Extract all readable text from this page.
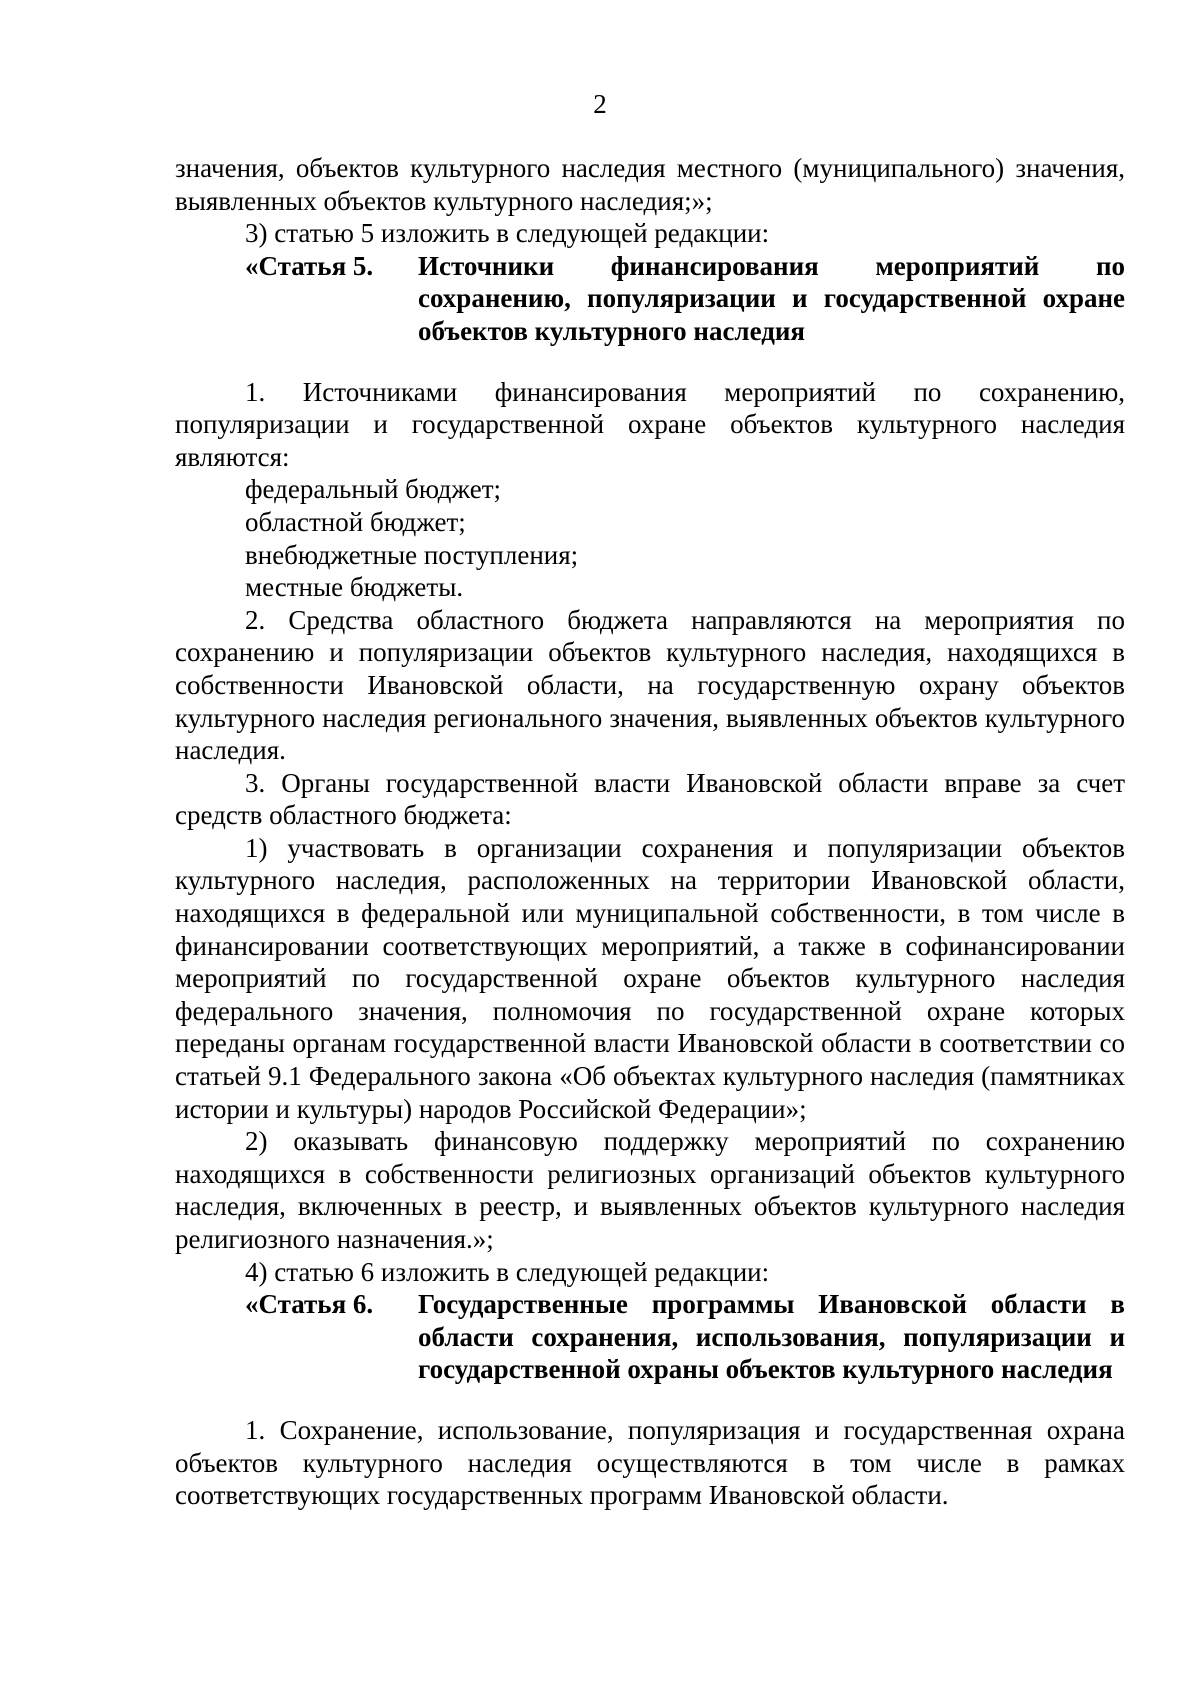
2

значения, объектов культурного наследия местного (муниципального) значения, выявленных объектов культурного наследия;»;

3) статью 5 изложить в следующей редакции:

«Статья 5.	Источники финансирования мероприятий по сохранению, популяризации и государственной охране объектов культурного наследия

1. Источниками финансирования мероприятий по сохранению, популяризации и государственной охране объектов культурного наследия являются:

федеральный бюджет;

областной бюджет;

внебюджетные поступления;

местные бюджеты.

2. Средства областного бюджета направляются на мероприятия по сохранению и популяризации объектов культурного наследия, находящихся в собственности Ивановской области, на государственную охрану объектов культурного наследия регионального значения, выявленных объектов культурного наследия.

3. Органы государственной власти Ивановской области вправе за счет средств областного бюджета:

1) участвовать в организации сохранения и популяризации объектов культурного наследия, расположенных на территории Ивановской области, находящихся в федеральной или муниципальной собственности, в том числе в финансировании соответствующих мероприятий, а также в софинансировании мероприятий по государственной охране объектов культурного наследия федерального значения, полномочия по государственной охране которых переданы органам государственной власти Ивановской области в соответствии со статьей 9.1 Федерального закона «Об объектах культурного наследия (памятниках истории и культуры) народов Российской Федерации»;

2) оказывать финансовую поддержку мероприятий по сохранению находящихся в собственности религиозных организаций объектов культурного наследия, включенных в реестр, и выявленных объектов культурного наследия религиозного назначения.»;

4) статью 6 изложить в следующей редакции:

«Статья 6.	Государственные программы Ивановской области в области сохранения, использования, популяризации и государственной охраны объектов культурного наследия

1. Сохранение, использование, популяризация и государственная охрана объектов культурного наследия осуществляются в том числе в рамках соответствующих государственных программ Ивановской области.
